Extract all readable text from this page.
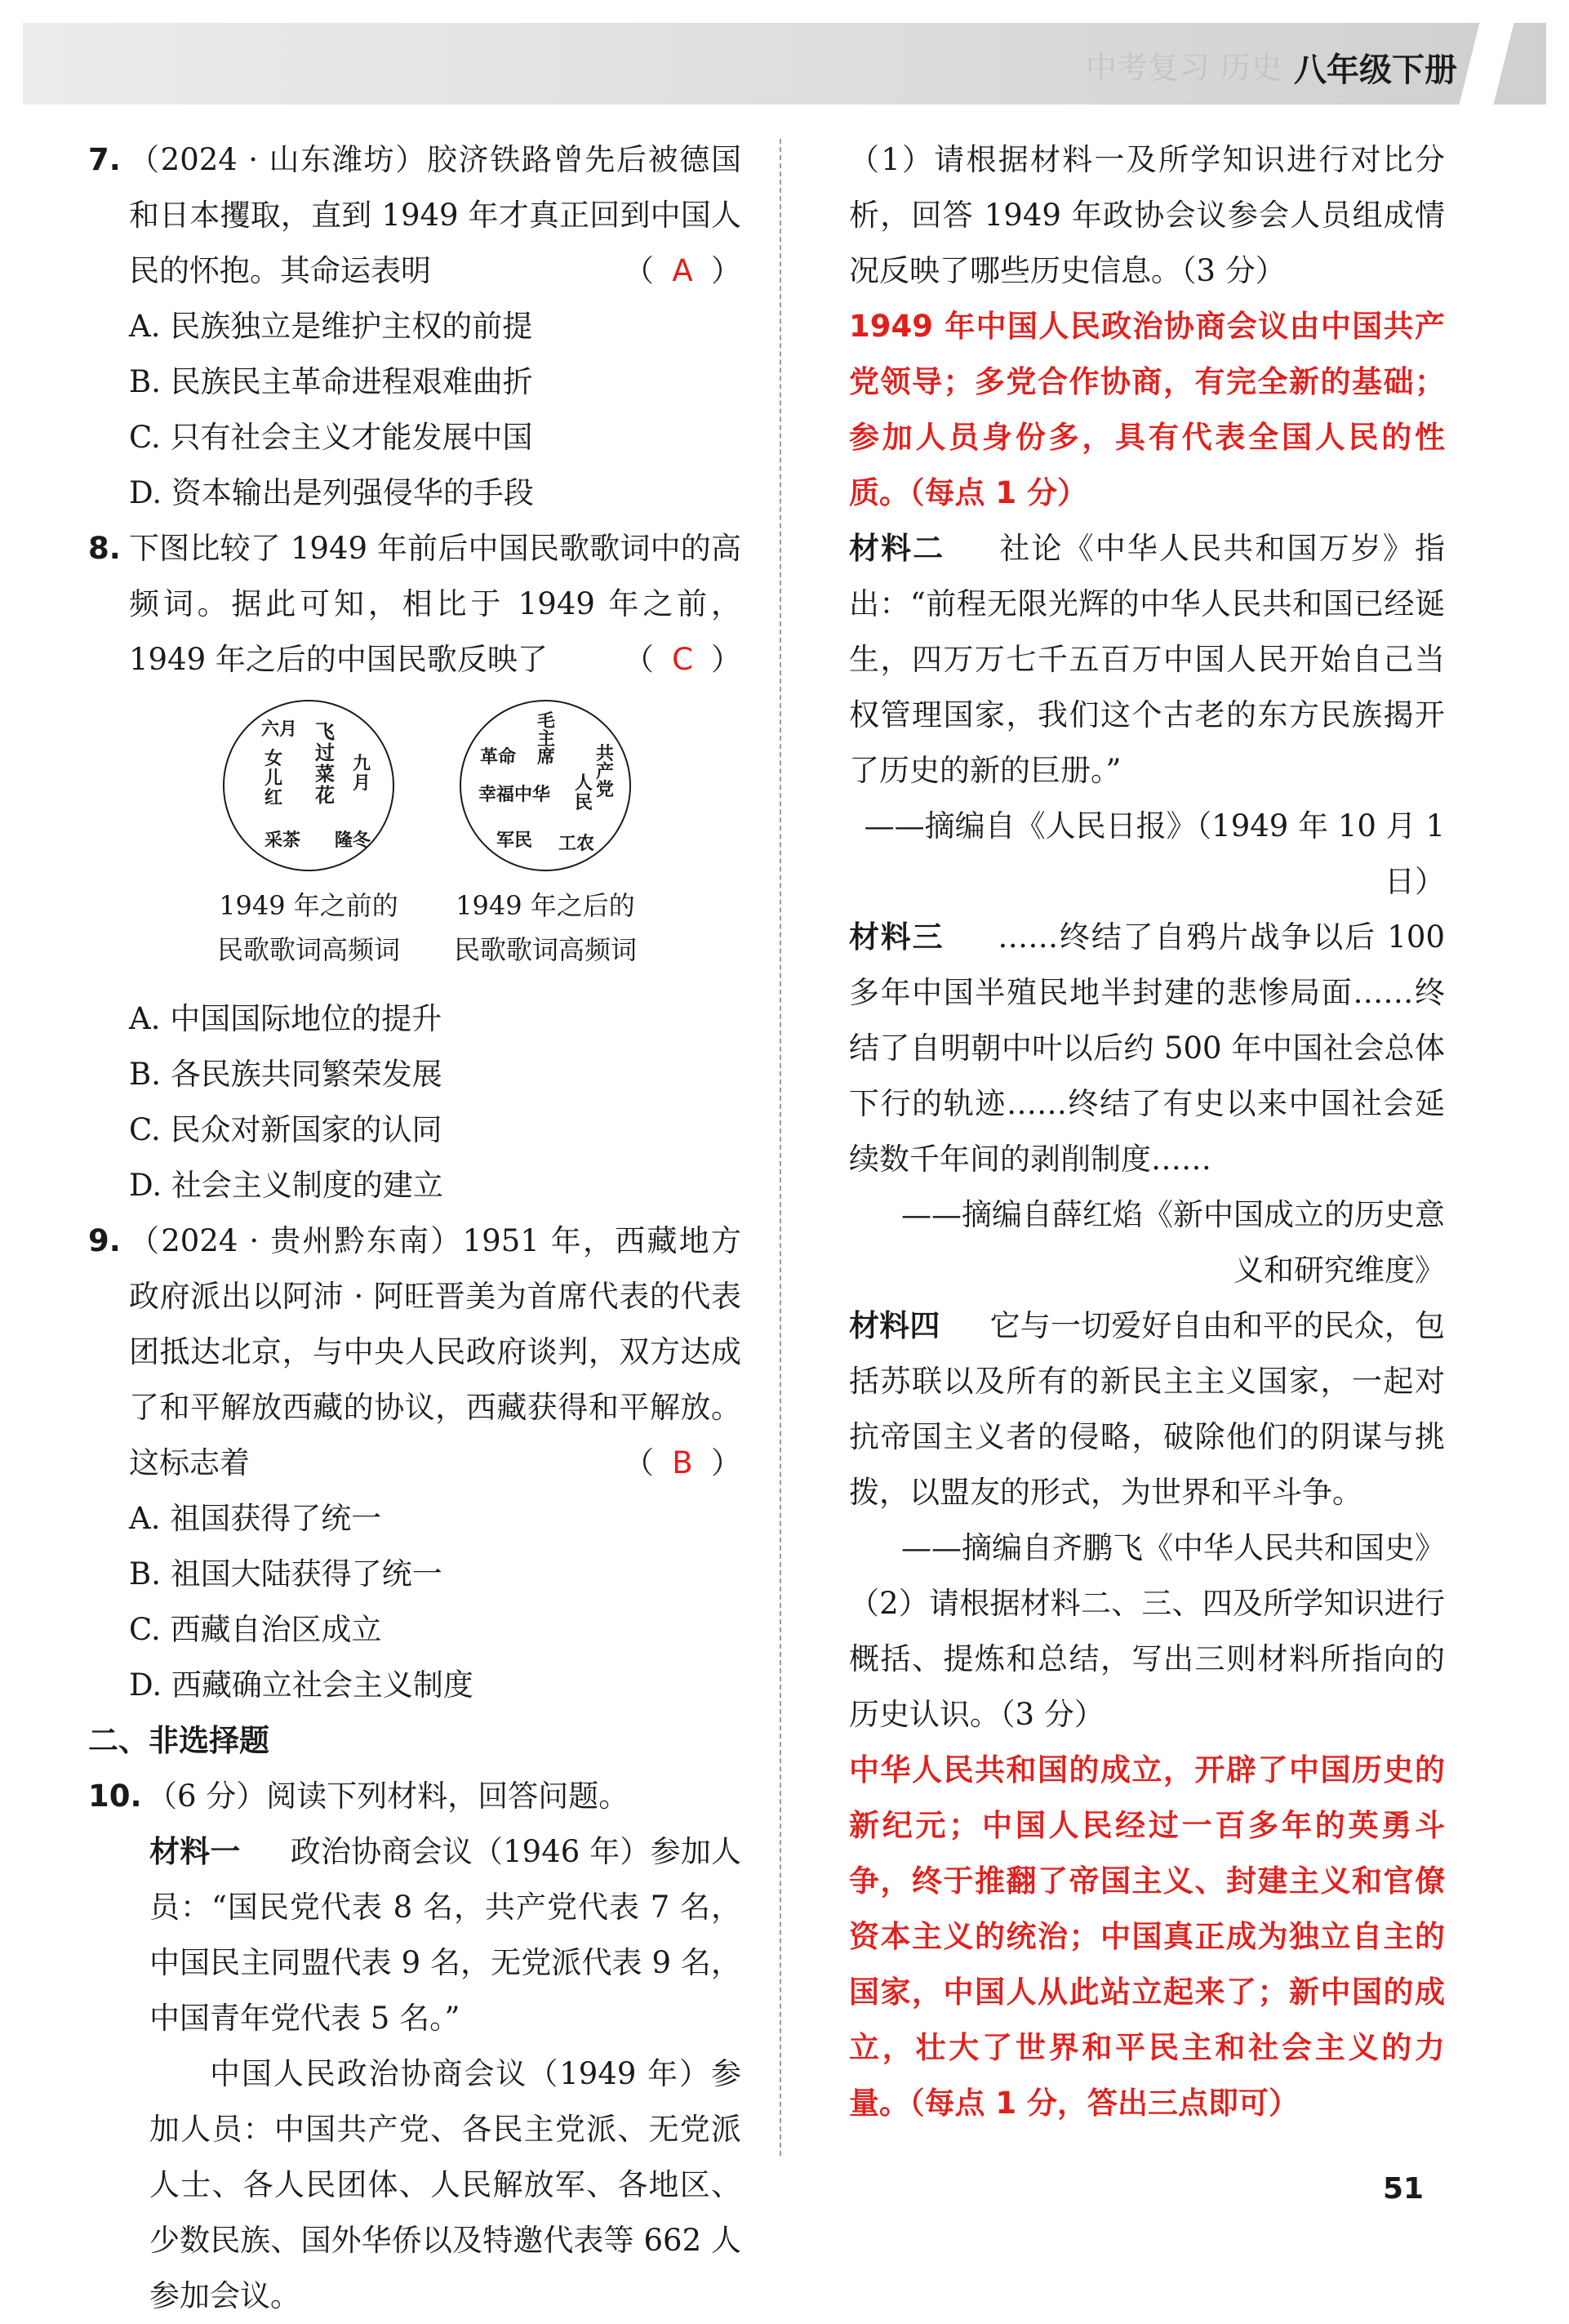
中考复习 历史 八年级下册
7. （2024 · 山东潍坊）胶济铁路曾先后被德国和日本攫取，直到 1949 年才真正回到中国人民的怀抱。其命运表明	（ A ）
A. 民族独立是维护主权的前提
B. 民族民主革命进程艰难曲折
C. 只有社会主义才能发展中国
D. 资本输出是列强侵华的手段
8. 下图比较了 1949 年前后中国民歌歌词中的高频词。据此可知，相比于 1949 年之前，1949 年之后的中国民歌反映了	（ C ）
六月 飞
过
菜
花
女
儿
红
九
月
采茶 隆冬
毛
主
席
革命	共
产
党
幸福中华
人
民
军民 工农
1949 年之前的
民歌歌词高频词
1949 年之后的
民歌歌词高频词
A. 中国国际地位的提升
B. 各民族共同繁荣发展
C. 民众对新国家的认同
D. 社会主义制度的建立
9. （2024 · 贵州黔东南）1951 年，西藏地方政府派出以阿沛 · 阿旺晋美为首席代表的代表团抵达北京，与中央人民政府谈判，双方达成了和平解放西藏的协议，西藏获得和平解放。这标志着	（ B ）
A. 祖国获得了统一
B. 祖国大陆获得了统一
C. 西藏自治区成立
D. 西藏确立社会主义制度
二、非选择题
10. （6 分）阅读下列材料，回答问题。
材料一 　 政治协商会议（1946 年）参加人员：“国民党代表 8 名，共产党代表 7 名，中国民主同盟代表 9 名，无党派代表 9 名，中国青年党代表 5 名。”
中国人民政治协商会议（1949 年）参加人员：中国共产党、各民主党派、无党派人士、各人民团体、人民解放军、各地区、少数民族、国外华侨以及特邀代表等 662 人参加会议。
（1）请根据材料一及所学知识进行对比分析，回答 1949 年政协会议参会人员组成情况反映了哪些历史信息。（3 分）
1949 年中国人民政治协商会议由中国共产党领导；多党合作协商，有完全新的基础；参加人员身份多，具有代表全国人民的性质。（每点 1 分）
材料二 　 社论《中华人民共和国万岁》指出：“前程无限光辉的中华人民共和国已经诞生，四万万七千五百万中国人民开始自己当权管理国家，我们这个古老的东方民族揭开了历史的新的巨册。”
——摘编自《人民日报》（1949 年 10 月 1 日）
材料三 　 ……终结了自鸦片战争以后 100 多年中国半殖民地半封建的悲惨局面……终结了自明朝中叶以后约 500 年中国社会总体下行的轨迹……终结了有史以来中国社会延续数千年间的剥削制度……
——摘编自薛红焰《新中国成立的历史意
义和研究维度》
材料四 　 它与一切爱好自由和平的民众，包括苏联以及所有的新民主主义国家，一起对抗帝国主义者的侵略，破除他们的阴谋与挑拨，以盟友的形式，为世界和平斗争。
——摘编自齐鹏飞《中华人民共和国史》
（2）请根据材料二、三、四及所学知识进行概括、提炼和总结，写出三则材料所指向的历史认识。（3 分）
中华人民共和国的成立，开辟了中国历史的新纪元；中国人民经过一百多年的英勇斗争，终于推翻了帝国主义、封建主义和官僚资本主义的统治；中国真正成为独立自主的国家，中国人从此站立起来了；新中国的成立，壮大了世界和平民主和社会主义的力量。（每点 1 分，答出三点即可）
51
